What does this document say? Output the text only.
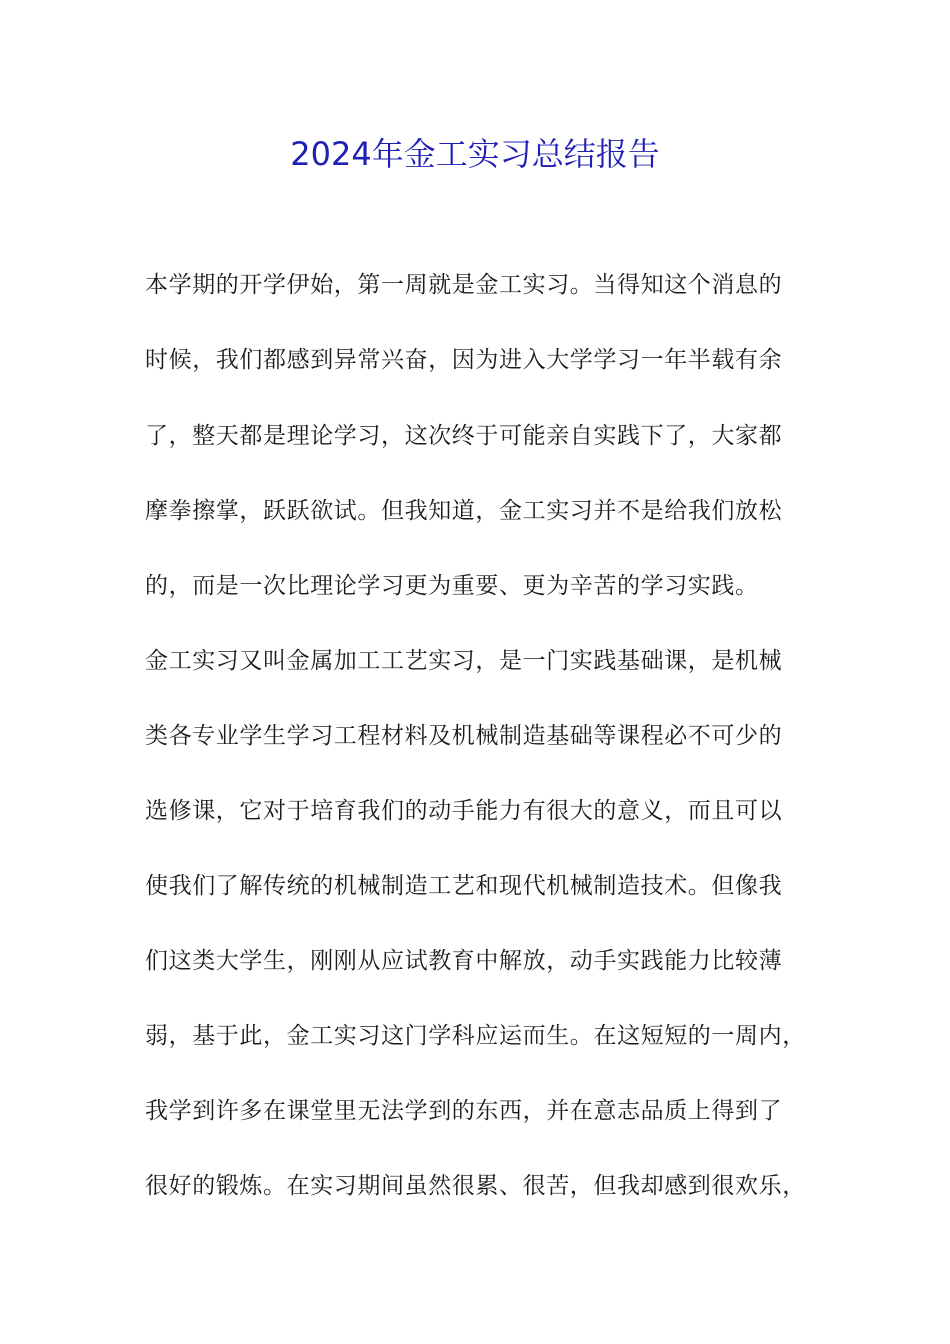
2024年金工实习总结报告
本学期的开学伊始，第一周就是金工实习。当得知这个消息的
时候，我们都感到异常兴奋，因为进入大学学习一年半载有余
了，整天都是理论学习，这次终于可能亲自实践下了，大家都
摩拳擦掌，跃跃欲试。但我知道，金工实习并不是给我们放松
的，而是一次比理论学习更为重要、更为辛苦的学习实践。
金工实习又叫金属加工工艺实习，是一门实践基础课，是机械
类各专业学生学习工程材料及机械制造基础等课程必不可少的
选修课，它对于培育我们的动手能力有很大的意义，而且可以
使我们了解传统的机械制造工艺和现代机械制造技术。但像我
们这类大学生，刚刚从应试教育中解放，动手实践能力比较薄
弱，基于此，金工实习这门学科应运而生。在这短短的一周内，
我学到许多在课堂里无法学到的东西，并在意志品质上得到了
很好的锻炼。在实习期间虽然很累、很苦，但我却感到很欢乐，
